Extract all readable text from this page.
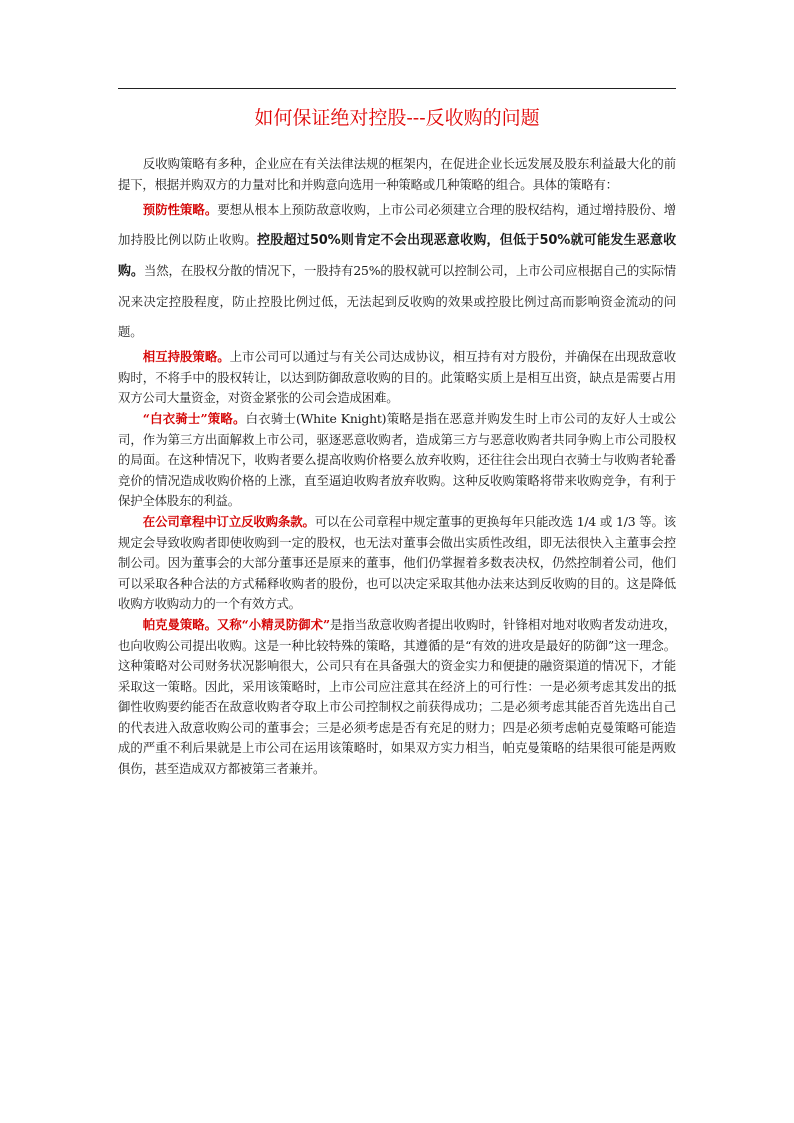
如何保证绝对控股---反收购的问题

反收购策略有多种，企业应在有关法律法规的框架内，在促进企业长远发展及股东利益最大化的前提下，根据并购双方的力量对比和并购意向选用一种策略或几种策略的组合。具体的策略有：

预防性策略。要想从根本上预防敌意收购，上市公司必须建立合理的股权结构，通过增持股份、增加持股比例以防止收购。控股超过50%则肯定不会出现恶意收购，但低于50%就可能发生恶意收购。当然，在股权分散的情况下，一股持有25%的股权就可以控制公司，上市公司应根据自己的实际情况来决定控股程度，防止控股比例过低，无法起到反收购的效果或控股比例过高而影响资金流动的问题。

相互持股策略。上市公司可以通过与有关公司达成协议，相互持有对方股份，并确保在出现敌意收购时，不将手中的股权转让，以达到防御敌意收购的目的。此策略实质上是相互出资，缺点是需要占用双方公司大量资金，对资金紧张的公司会造成困难。

“白衣骑士”策略。白衣骑士(White Knight)策略是指在恶意并购发生时上市公司的友好人士或公司，作为第三方出面解救上市公司，驱逐恶意收购者，造成第三方与恶意收购者共同争购上市公司股权的局面。在这种情况下，收购者要么提高收购价格要么放弃收购，还往往会出现白衣骑士与收购者轮番竞价的情况造成收购价格的上涨，直至逼迫收购者放弃收购。这种反收购策略将带来收购竞争，有利于保护全体股东的利益。

在公司章程中订立反收购条款。可以在公司章程中规定董事的更换每年只能改选 1/4 或 1/3 等。该规定会导致收购者即使收购到一定的股权，也无法对董事会做出实质性改组，即无法很快入主董事会控制公司。因为董事会的大部分董事还是原来的董事，他们仍掌握着多数表决权，仍然控制着公司，他们可以采取各种合法的方式稀释收购者的股份，也可以决定采取其他办法来达到反收购的目的。这是降低收购方收购动力的一个有效方式。

帕克曼策略。又称“小精灵防御术”是指当敌意收购者提出收购时，针锋相对地对收购者发动进攻，也向收购公司提出收购。这是一种比较特殊的策略，其遵循的是“有效的进攻是最好的防御”这一理念。这种策略对公司财务状况影响很大，公司只有在具备强大的资金实力和便捷的融资渠道的情况下，才能采取这一策略。因此，采用该策略时，上市公司应注意其在经济上的可行性：一是必须考虑其发出的抵御性收购要约能否在敌意收购者夺取上市公司控制权之前获得成功；二是必须考虑其能否首先选出自己的代表进入敌意收购公司的董事会；三是必须考虑是否有充足的财力；四是必须考虑帕克曼策略可能造成的严重不利后果就是上市公司在运用该策略时，如果双方实力相当，帕克曼策略的结果很可能是两败俱伤，甚至造成双方都被第三者兼并。
